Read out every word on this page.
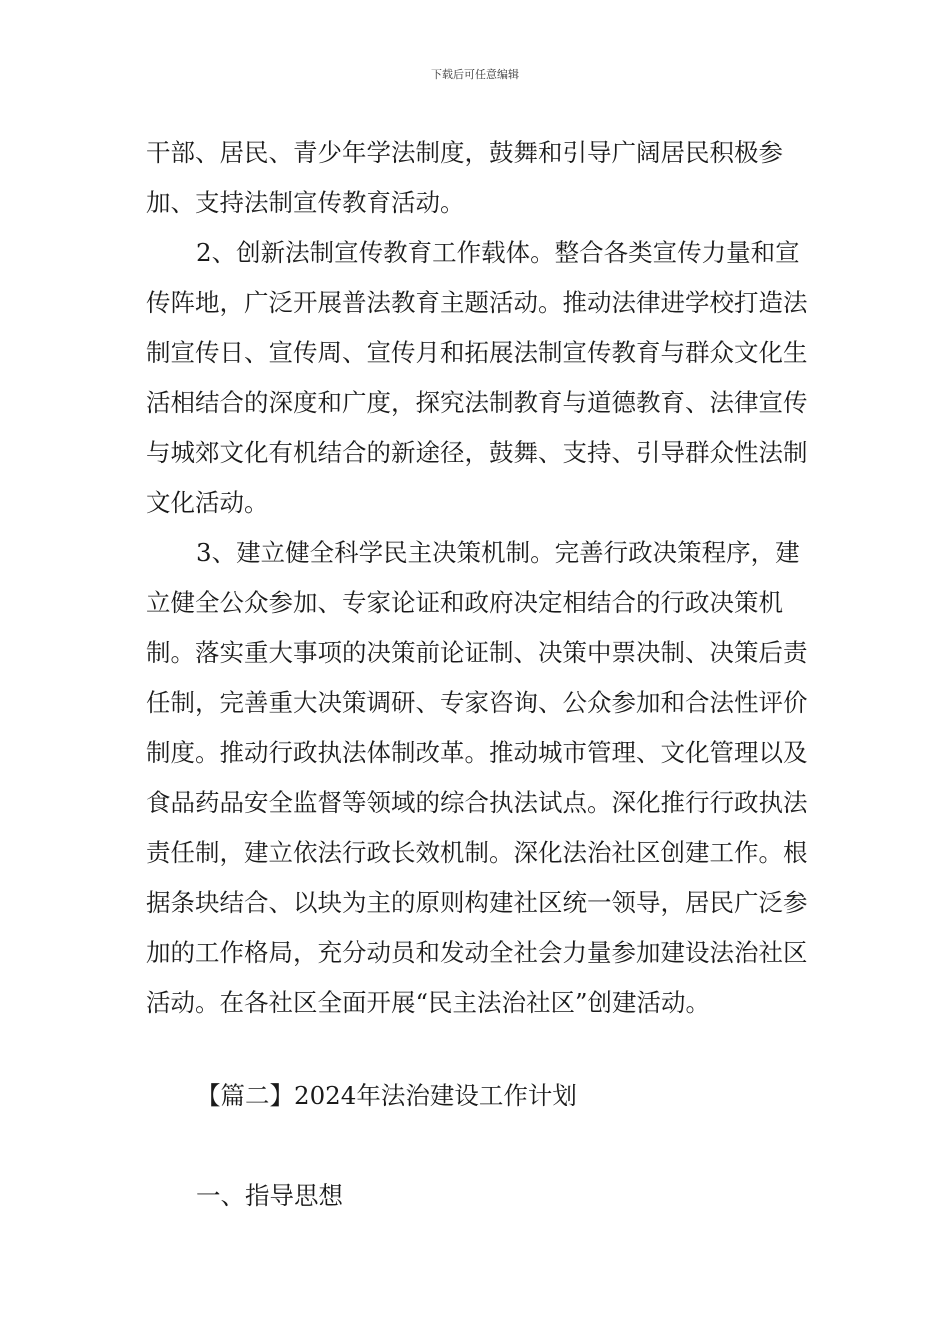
下载后可任意编辑

干部、居民、青少年学法制度，鼓舞和引导广阔居民积极参加、支持法制宣传教育活动。

2、创新法制宣传教育工作载体。整合各类宣传力量和宣传阵地，广泛开展普法教育主题活动。推动法律进学校打造法制宣传日、宣传周、宣传月和拓展法制宣传教育与群众文化生活相结合的深度和广度，探究法制教育与道德教育、法律宣传与城郊文化有机结合的新途径，鼓舞、支持、引导群众性法制文化活动。

3、建立健全科学民主决策机制。完善行政决策程序，建立健全公众参加、专家论证和政府决定相结合的行政决策机制。落实重大事项的决策前论证制、决策中票决制、决策后责任制，完善重大决策调研、专家咨询、公众参加和合法性评价制度。推动行政执法体制改革。推动城市管理、文化管理以及食品药品安全监督等领域的综合执法试点。深化推行行政执法责任制，建立依法行政长效机制。深化法治社区创建工作。根据条块结合、以块为主的原则构建社区统一领导，居民广泛参加的工作格局，充分动员和发动全社会力量参加建设法治社区活动。在各社区全面开展“民主法治社区”创建活动。

【篇二】2024年法治建设工作计划
一、指导思想
